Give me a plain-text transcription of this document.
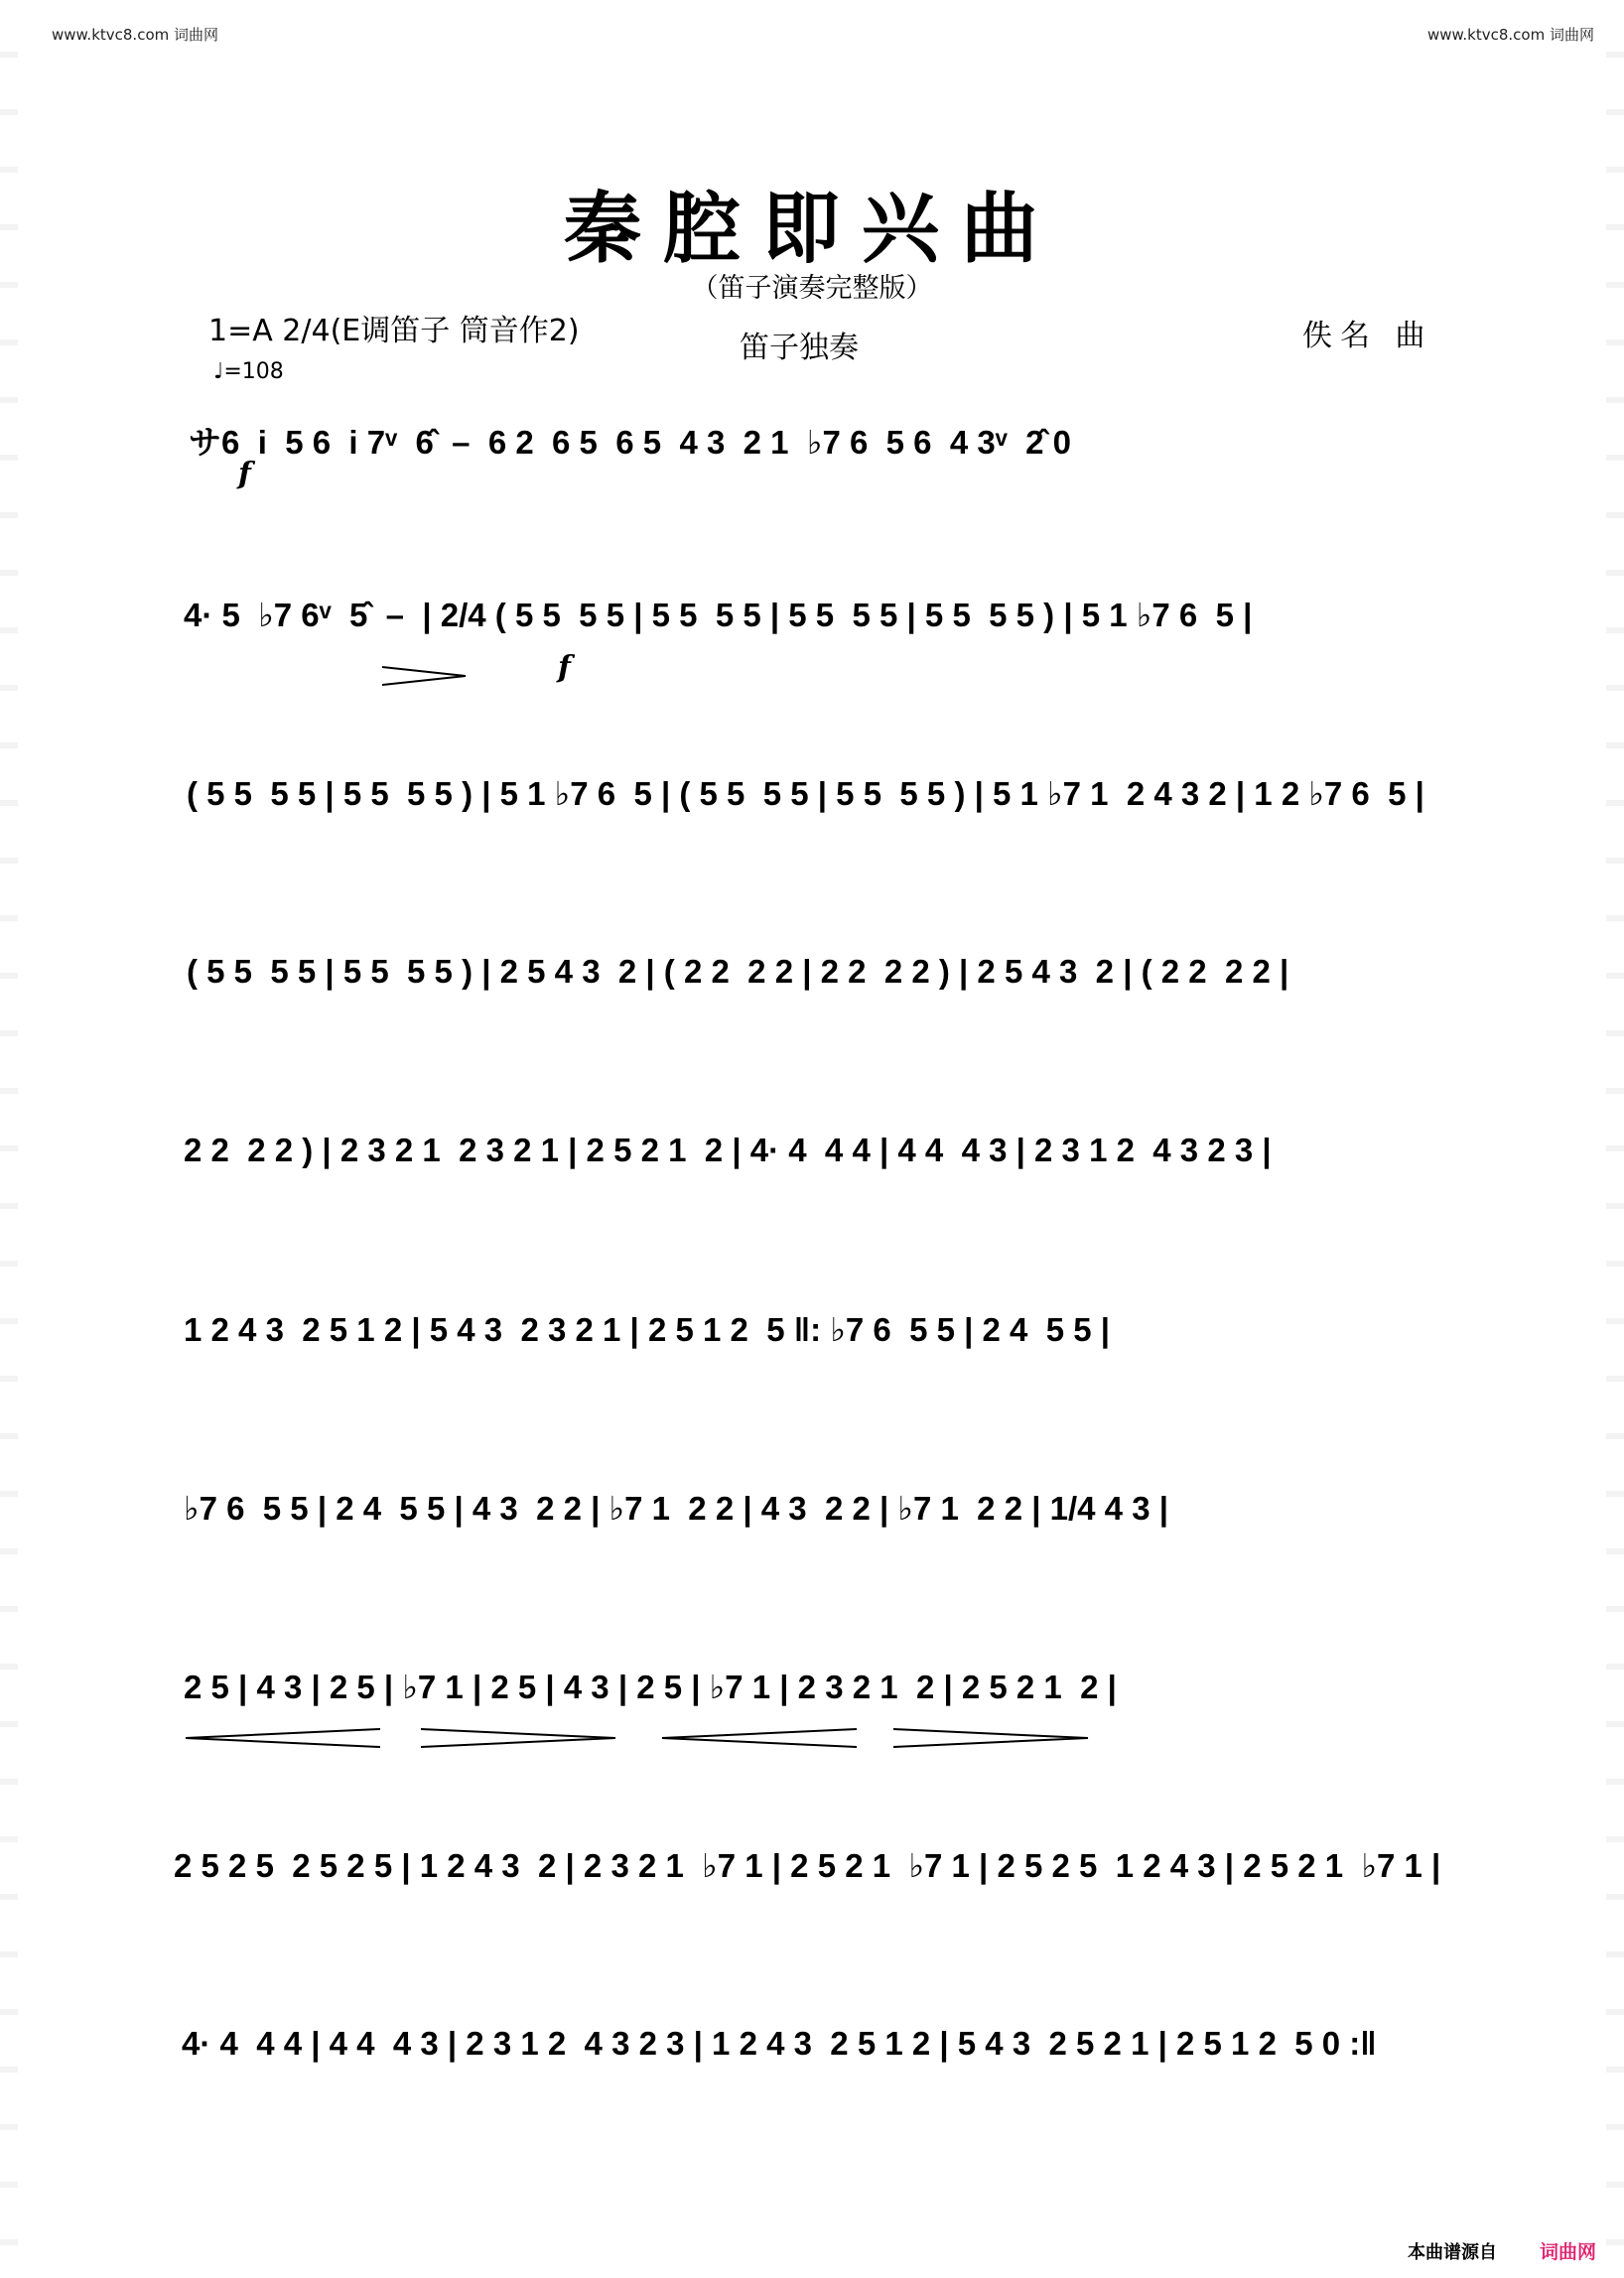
www.ktvc8.com 词曲网	www.ktvc8.com 词曲网
秦腔即兴曲
（笛子演奏完整版）
1=A 2/4(E调笛子 筒音作2)
♩=108
笛子独奏	佚名 曲

サ6  i  5 6  i 7ᵛ  6̂  –  6 2  6 5  6 5  4 3  2 1  ♭7 6  5 6  4 3ᵛ  2̂ 0

f

4· 5  ♭7 6ᵛ  5̂  –  | 2/4 ( 5 5  5 5 | 5 5  5 5 | 5 5  5 5 | 5 5  5 5 ) | 5 1 ♭7 6  5 |

f

( 5 5  5 5 | 5 5  5 5 ) | 5 1 ♭7 6  5 | ( 5 5  5 5 | 5 5  5 5 ) | 5 1 ♭7 1  2 4 3 2 | 1 2 ♭7 6  5 |

( 5 5  5 5 | 5 5  5 5 ) | 2 5 4 3  2 | ( 2 2  2 2 | 2 2  2 2 ) | 2 5 4 3  2 | ( 2 2  2 2 |

2 2  2 2 ) | 2 3 2 1  2 3 2 1 | 2 5 2 1  2 | 4· 4  4 4 | 4 4  4 3 | 2 3 1 2  4 3 2 3 |

1 2 4 3  2 5 1 2 | 5 4 3  2 3 2 1 | 2 5 1 2  5 ‖: ♭7 6  5 5 | 2 4  5 5 |

♭7 6  5 5 | 2 4  5 5 | 4 3  2 2 | ♭7 1  2 2 | 4 3  2 2 | ♭7 1  2 2 | 1/4 4 3 |

2 5 | 4 3 | 2 5 | ♭7 1 | 2 5 | 4 3 | 2 5 | ♭7 1 | 2 3 2 1  2 | 2 5 2 1  2 |

2 5 2 5  2 5 2 5 | 1 2 4 3  2 | 2 3 2 1  ♭7 1 | 2 5 2 1  ♭7 1 | 2 5 2 5  1 2 4 3 | 2 5 2 1  ♭7 1 |

4· 4  4 4 | 4 4  4 3 | 2 3 1 2  4 3 2 3 | 1 2 4 3  2 5 1 2 | 5 4 3  2 5 2 1 | 2 5 1 2  5 0 :‖

本曲谱源自 词曲网
